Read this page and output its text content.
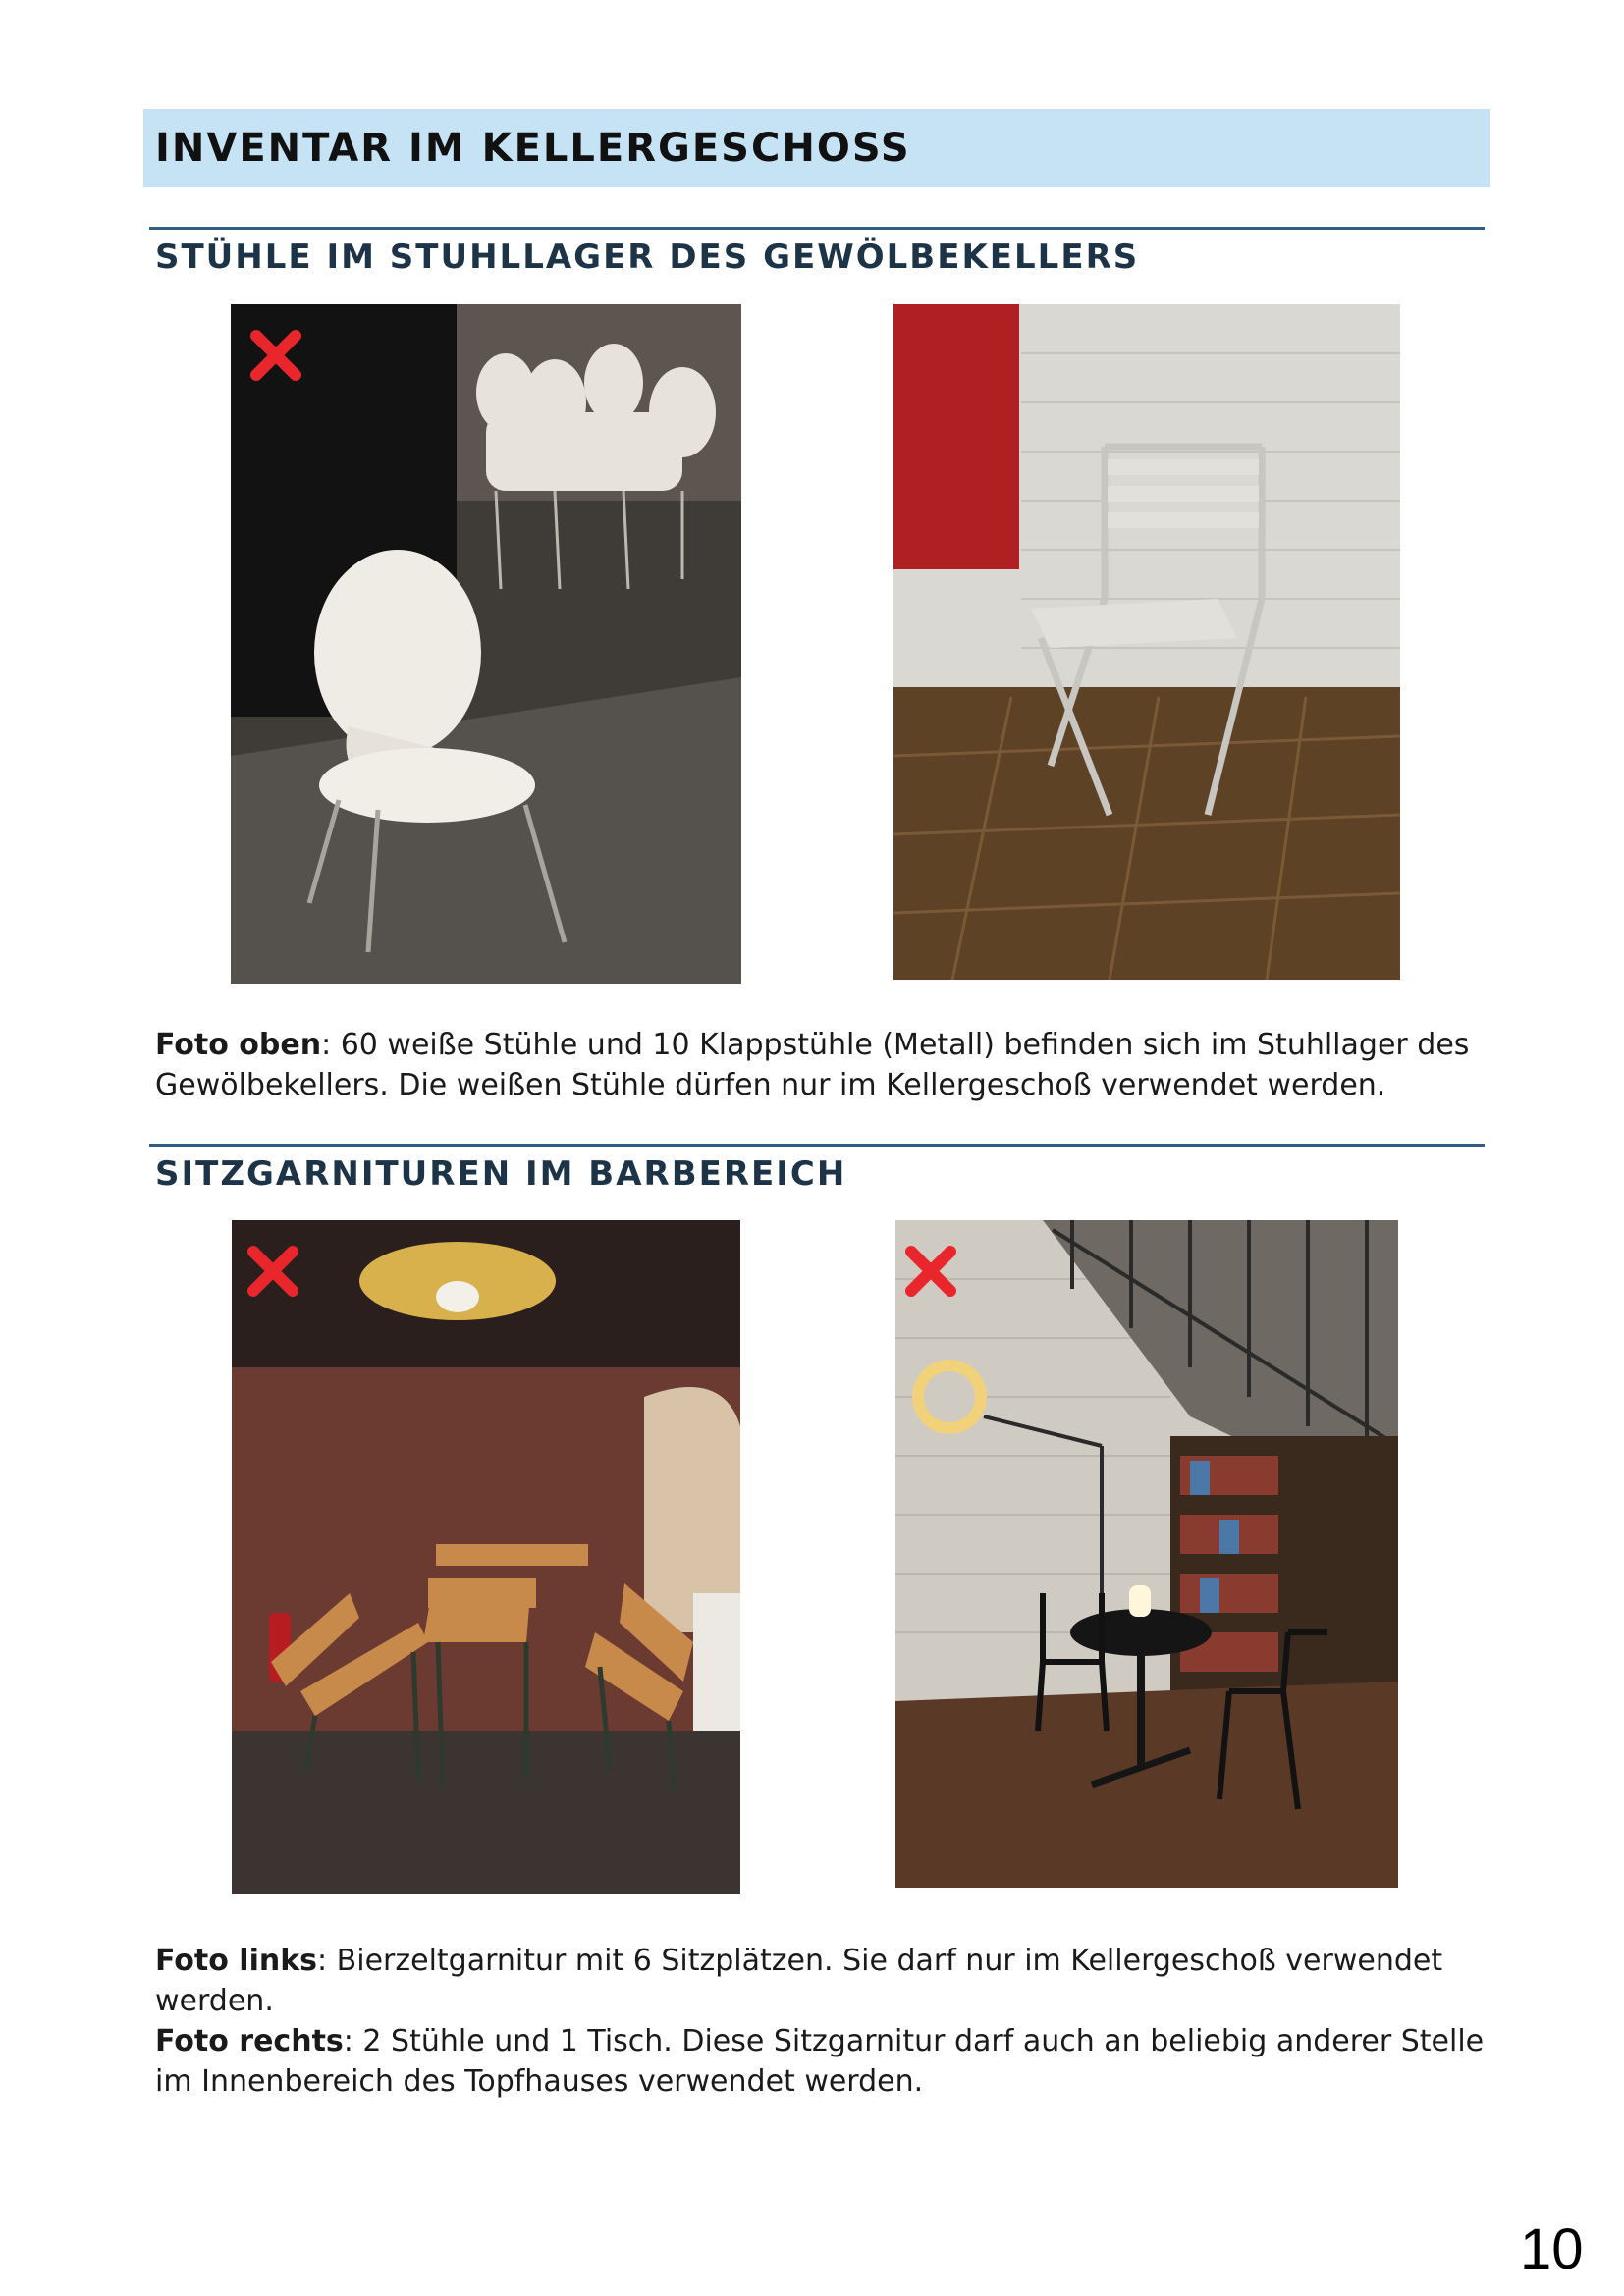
INVENTAR IM KELLERGESCHOSS
STÜHLE IM STUHLLAGER DES GEWÖLBEKELLERS

Foto oben: 60 weiße Stühle und 10 Klappstühle (Metall) befinden sich im Stuhllager des Gewölbekellers. Die weißen Stühle dürfen nur im Kellergeschoß verwendet werden.

SITZGARNITUREN IM BARBEREICH

Foto links: Bierzeltgarnitur mit 6 Sitzplätzen. Sie darf nur im Kellergeschoß verwendet werden.

Foto rechts: 2 Stühle und 1 Tisch. Diese Sitzgarnitur darf auch an beliebig anderer Stelle im Innenbereich des Topfhauses verwendet werden.

10
